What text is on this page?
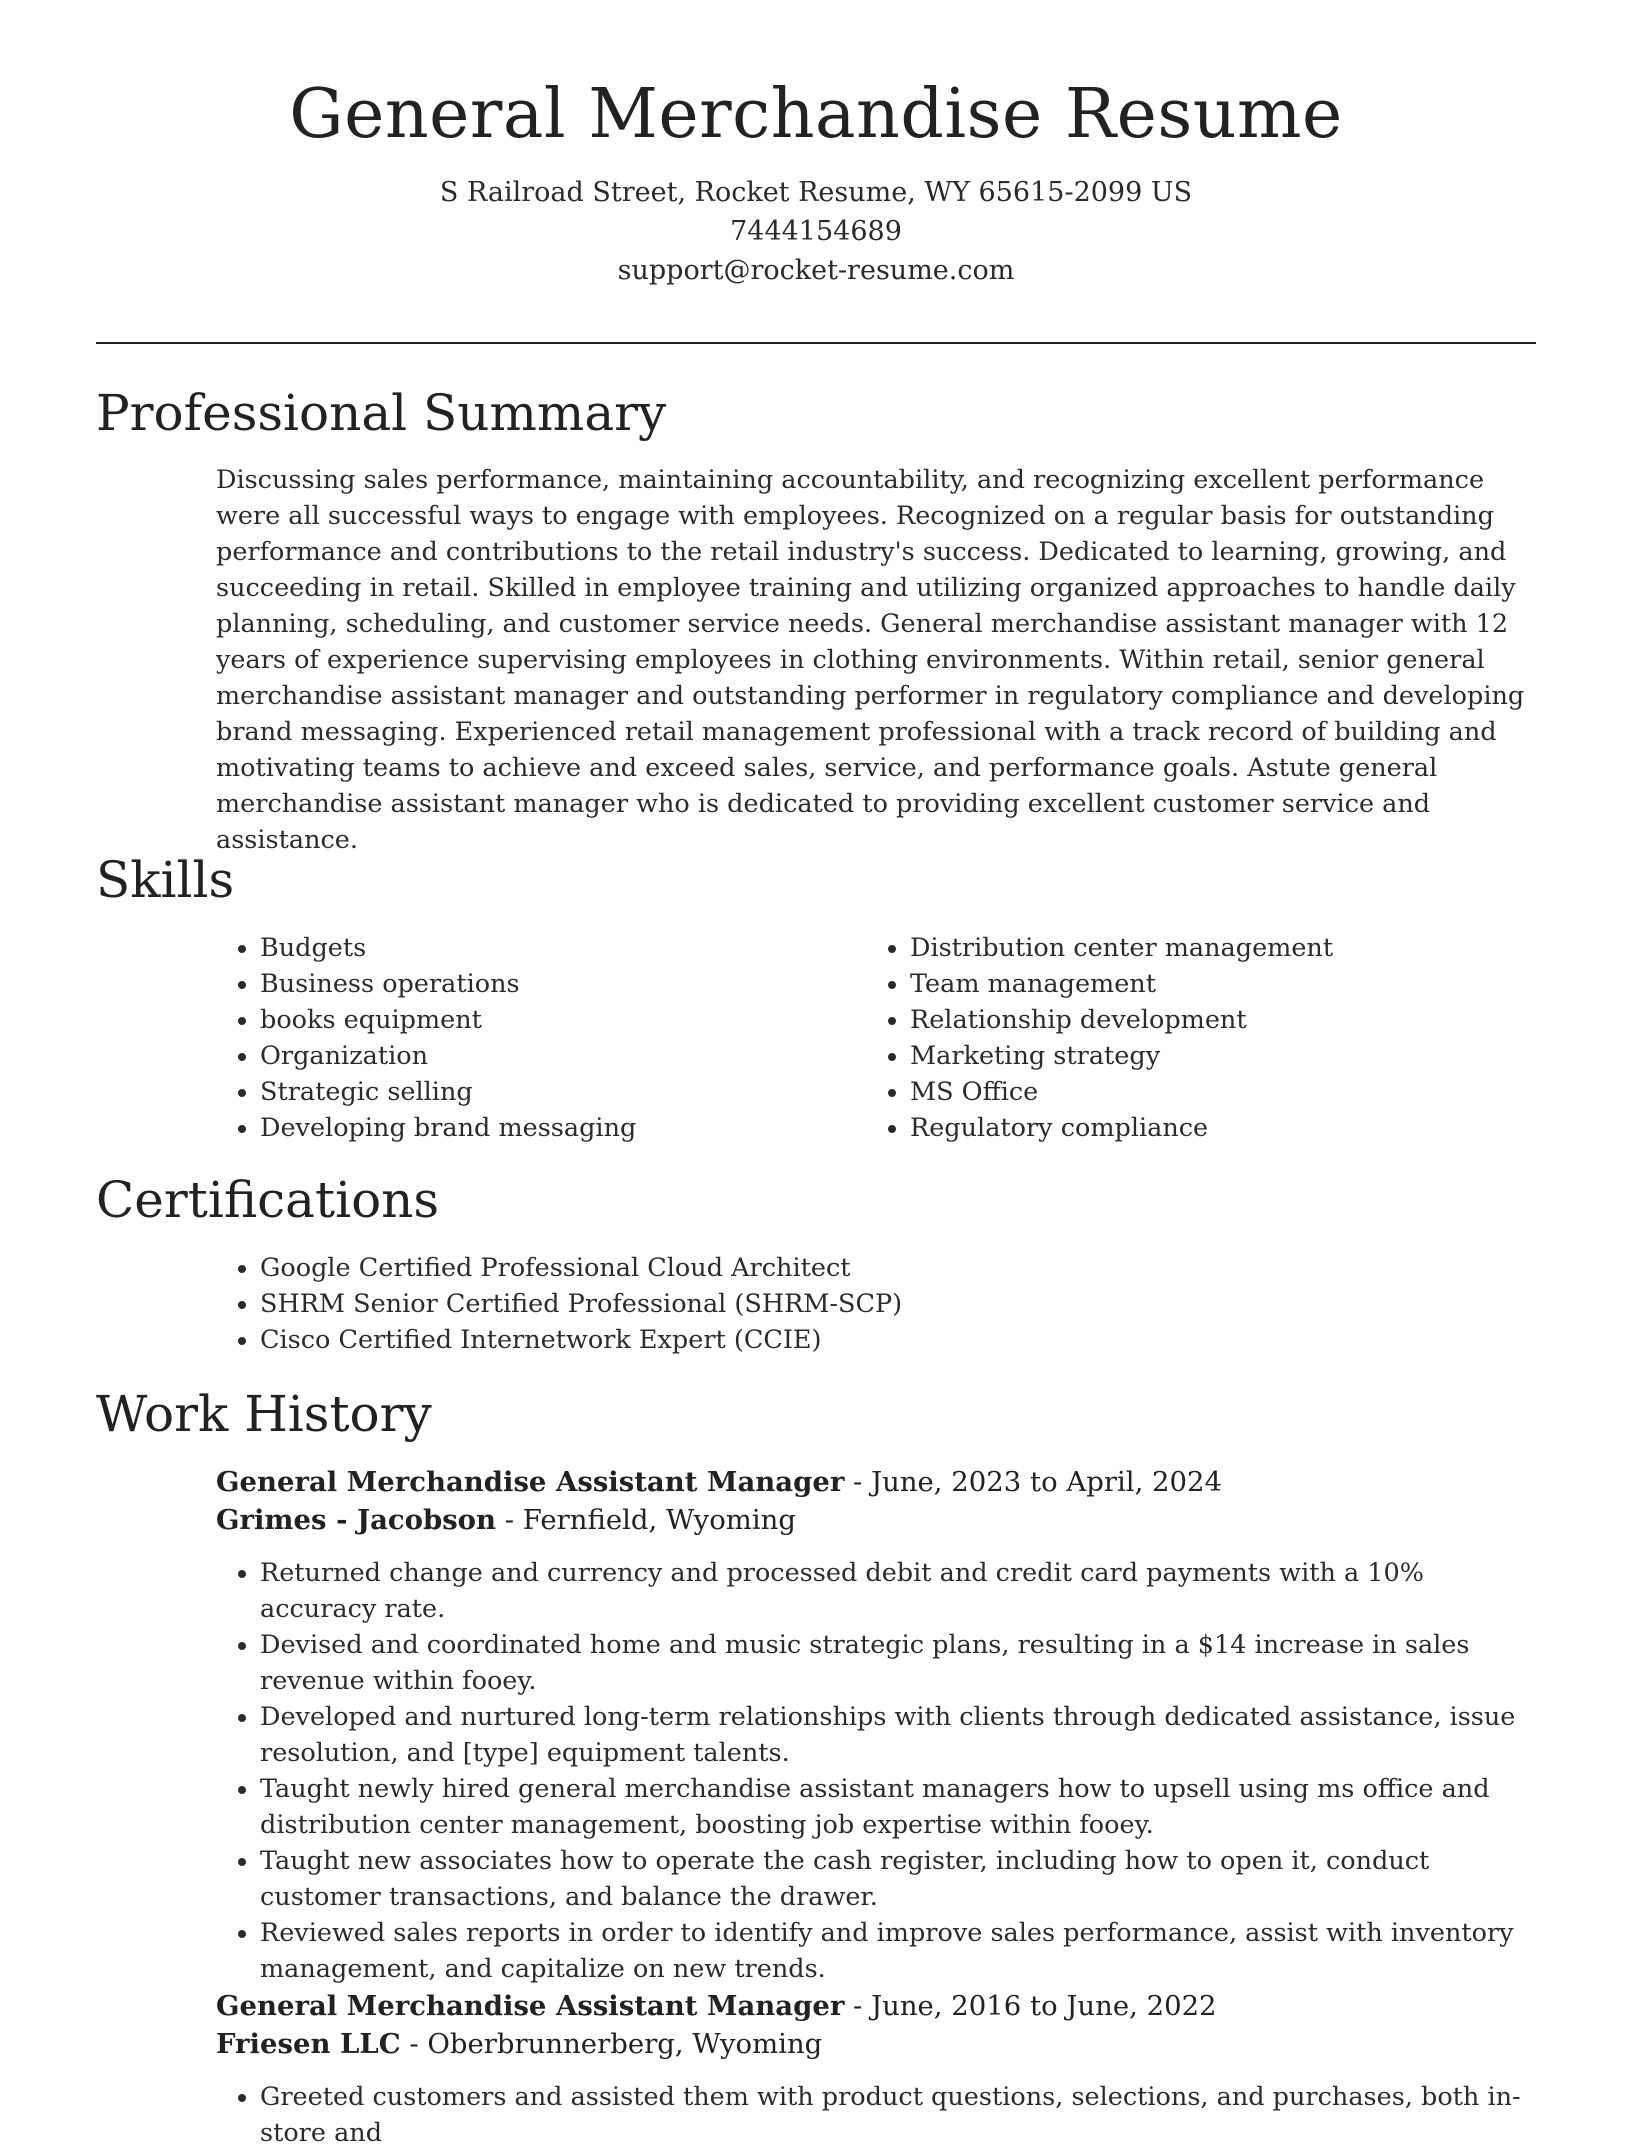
General Merchandise Resume
S Railroad Street, Rocket Resume, WY 65615-2099 US
7444154689
support@rocket-resume.com
Professional Summary

Discussing sales performance, maintaining accountability, and recognizing excellent performance were all successful ways to engage with employees. Recognized on a regular basis for outstanding performance and contributions to the retail industry's success. Dedicated to learning, growing, and succeeding in retail. Skilled in employee training and utilizing organized approaches to handle daily planning, scheduling, and customer service needs. General merchandise assistant manager with 12 years of experience supervising employees in clothing environments. Within retail, senior general merchandise assistant manager and outstanding performer in regulatory compliance and developing brand messaging. Experienced retail management professional with a track record of building and motivating teams to achieve and exceed sales, service, and performance goals. Astute general merchandise assistant manager who is dedicated to providing excellent customer service and assistance.

Skills
• Budgets
• Business operations
• books equipment
• Organization
• Strategic selling
• Developing brand messaging
• Distribution center management
• Team management
• Relationship development
• Marketing strategy
• MS Office
• Regulatory compliance
Certifications
• Google Certified Professional Cloud Architect
• SHRM Senior Certified Professional (SHRM-SCP)
• Cisco Certified Internetwork Expert (CCIE)
Work History
General Merchandise Assistant Manager - June, 2023 to April, 2024
Grimes - Jacobson - Fernfield, Wyoming
• Returned change and currency and processed debit and credit card payments with a 10% accuracy rate.
• Devised and coordinated home and music strategic plans, resulting in a $14 increase in sales revenue within fooey.
• Developed and nurtured long-term relationships with clients through dedicated assistance, issue resolution, and [type] equipment talents.
• Taught newly hired general merchandise assistant managers how to upsell using ms office and distribution center management, boosting job expertise within fooey.
• Taught new associates how to operate the cash register, including how to open it, conduct customer transactions, and balance the drawer.
• Reviewed sales reports in order to identify and improve sales performance, assist with inventory management, and capitalize on new trends.
General Merchandise Assistant Manager - June, 2016 to June, 2022
Friesen LLC - Oberbrunnerberg, Wyoming
• Greeted customers and assisted them with product questions, selections, and purchases, both in-store and
